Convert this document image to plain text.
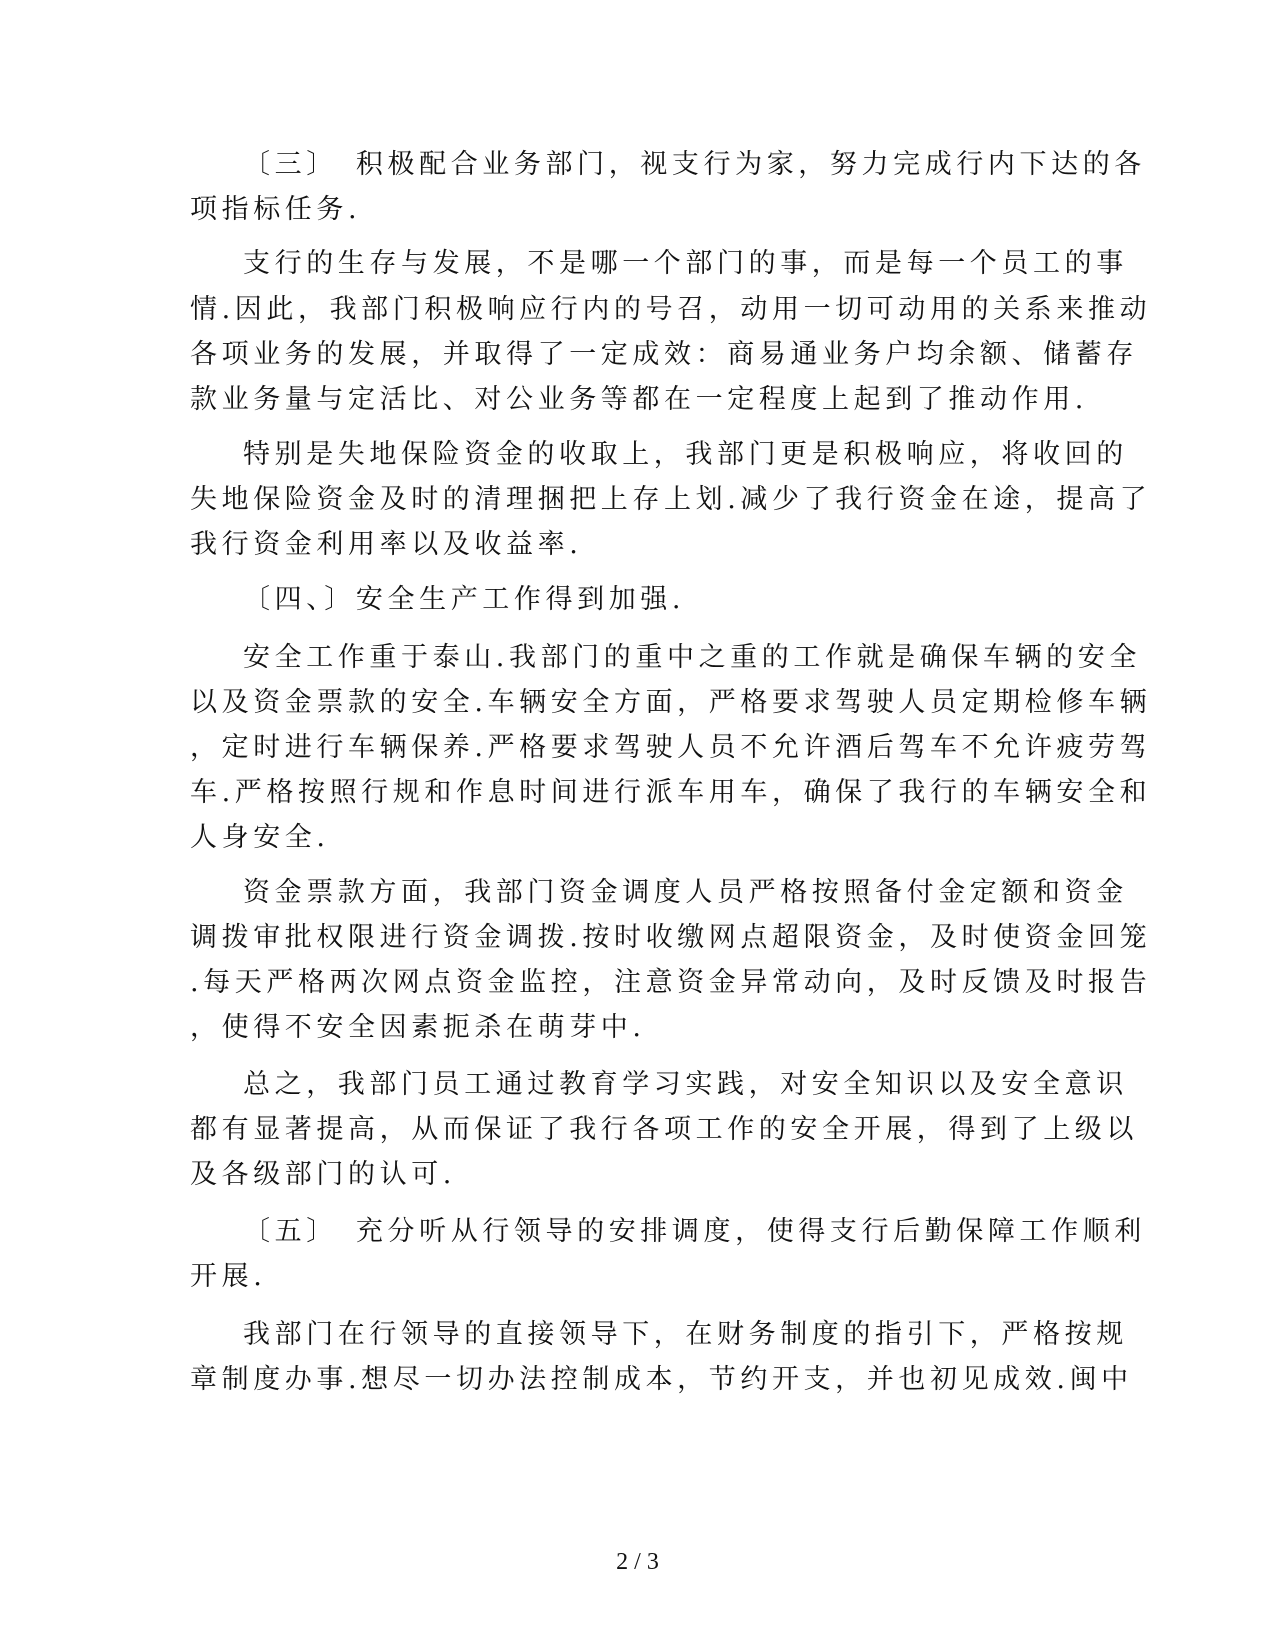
〔三〕　积极配合业务部门，视支行为家，努力完成行内下达的各
项指标任务.
支行的生存与发展，不是哪一个部门的事，而是每一个员工的事
情.因此，我部门积极响应行内的号召，动用一切可动用的关系来推动
各项业务的发展，并取得了一定成效：商易通业务户均余额、储蓄存
款业务量与定活比、对公业务等都在一定程度上起到了推动作用.
特别是失地保险资金的收取上，我部门更是积极响应，将收回的
失地保险资金及时的清理捆把上存上划.减少了我行资金在途，提高了
我行资金利用率以及收益率.
〔四、〕安全生产工作得到加强.
安全工作重于泰山.我部门的重中之重的工作就是确保车辆的安全
以及资金票款的安全.车辆安全方面，严格要求驾驶人员定期检修车辆
，定时进行车辆保养.严格要求驾驶人员不允许酒后驾车不允许疲劳驾
车.严格按照行规和作息时间进行派车用车，确保了我行的车辆安全和
人身安全.
资金票款方面，我部门资金调度人员严格按照备付金定额和资金
调拨审批权限进行资金调拨.按时收缴网点超限资金，及时使资金回笼
.每天严格两次网点资金监控，注意资金异常动向，及时反馈及时报告
，使得不安全因素扼杀在萌芽中.
总之，我部门员工通过教育学习实践，对安全知识以及安全意识
都有显著提高，从而保证了我行各项工作的安全开展，得到了上级以
及各级部门的认可.
〔五〕　充分听从行领导的安排调度，使得支行后勤保障工作顺利
开展.
我部门在行领导的直接领导下，在财务制度的指引下，严格按规
章制度办事.想尽一切办法控制成本，节约开支，并也初见成效.闽中
2 / 3
